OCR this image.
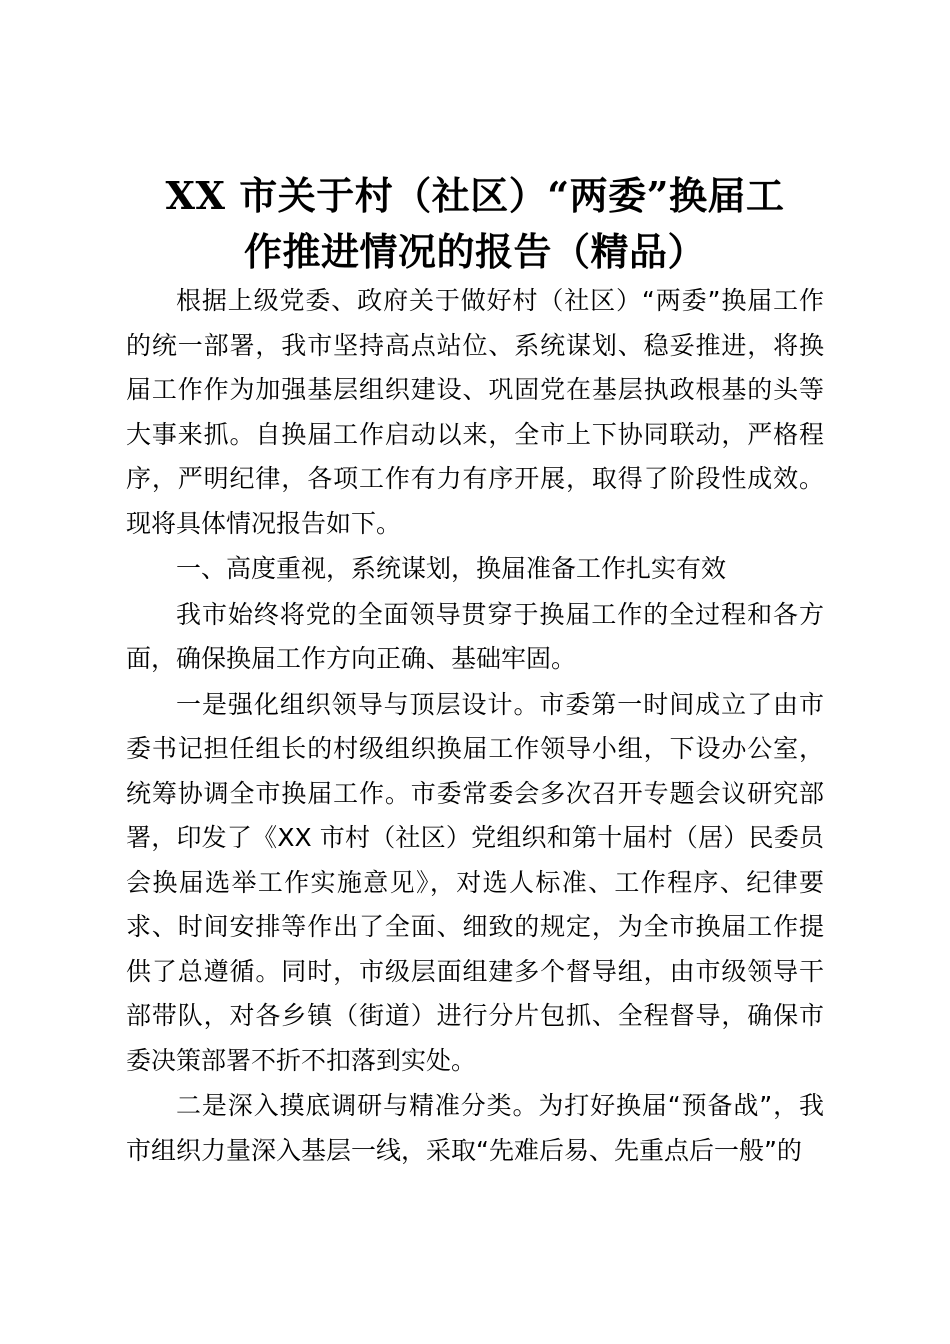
XX 市关于村（社区）“两委”换届工
作推进情况的报告（精品）

根据上级党委、政府关于做好村（社区）“两委”换届工作的统一部署，我市坚持高点站位、系统谋划、稳妥推进，将换届工作作为加强基层组织建设、巩固党在基层执政根基的头等大事来抓。自换届工作启动以来，全市上下协同联动，严格程序，严明纪律，各项工作有力有序开展，取得了阶段性成效。现将具体情况报告如下。

一、高度重视，系统谋划，换届准备工作扎实有效

我市始终将党的全面领导贯穿于换届工作的全过程和各方面，确保换届工作方向正确、基础牢固。

一是强化组织领导与顶层设计。市委第一时间成立了由市委书记担任组长的村级组织换届工作领导小组，下设办公室，统筹协调全市换届工作。市委常委会多次召开专题会议研究部署，印发了《XX 市村（社区）党组织和第十届村（居）民委员会换届选举工作实施意见》，对选人标准、工作程序、纪律要求、时间安排等作出了全面、细致的规定，为全市换届工作提供了总遵循。同时，市级层面组建多个督导组，由市级领导干部带队，对各乡镇（街道）进行分片包抓、全程督导，确保市委决策部署不折不扣落到实处。

二是深入摸底调研与精准分类。为打好换届“预备战”，我市组织力量深入基层一线，采取“先难后易、先重点后一般”的
